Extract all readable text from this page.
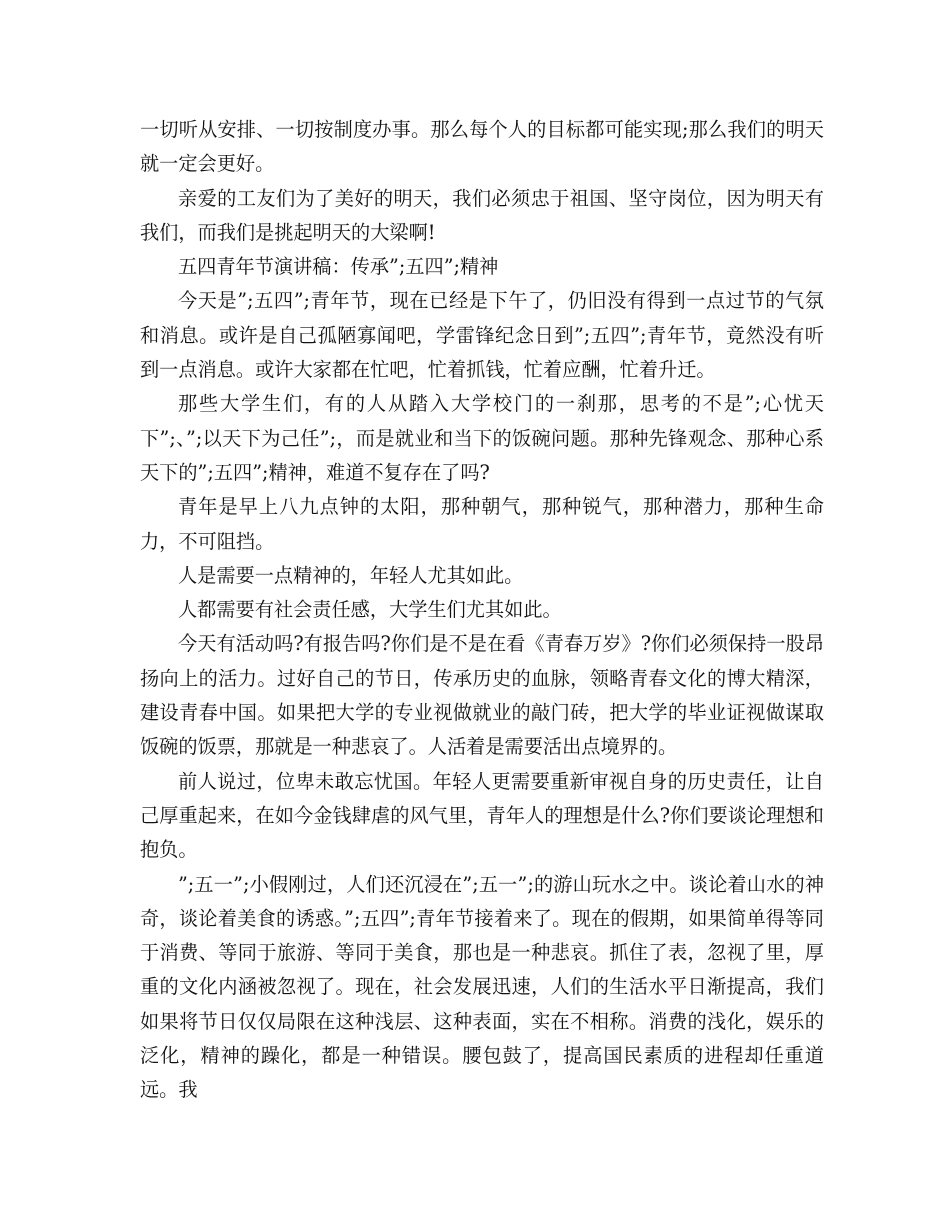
一切听从安排、一切按制度办事。那么每个人的目标都可能实现;那么我们的明天就一定会更好。

亲爱的工友们为了美好的明天，我们必须忠于祖国、坚守岗位，因为明天有我们，而我们是挑起明天的大梁啊!

五四青年节演讲稿：传承”;五四”;精神

今天是”;五四”;青年节，现在已经是下午了，仍旧没有得到一点过节的气氛和消息。或许是自己孤陋寡闻吧，学雷锋纪念日到”;五四”;青年节，竟然没有听到一点消息。或许大家都在忙吧，忙着抓钱，忙着应酬，忙着升迁。

那些大学生们，有的人从踏入大学校门的一刹那，思考的不是”;心忧天下”;、”;以天下为己任”;，而是就业和当下的饭碗问题。那种先锋观念、那种心系天下的”;五四”;精神，难道不复存在了吗?

青年是早上八九点钟的太阳，那种朝气，那种锐气，那种潜力，那种生命力，不可阻挡。

人是需要一点精神的，年轻人尤其如此。

人都需要有社会责任感，大学生们尤其如此。

今天有活动吗?有报告吗?你们是不是在看《青春万岁》?你们必须保持一股昂扬向上的活力。过好自己的节日，传承历史的血脉，领略青春文化的博大精深，建设青春中国。如果把大学的专业视做就业的敲门砖，把大学的毕业证视做谋取饭碗的饭票，那就是一种悲哀了。人活着是需要活出点境界的。

前人说过，位卑未敢忘忧国。年轻人更需要重新审视自身的历史责任，让自己厚重起来，在如今金钱肆虐的风气里，青年人的理想是什么?你们要谈论理想和抱负。

”;五一”;小假刚过，人们还沉浸在”;五一”;的游山玩水之中。谈论着山水的神奇，谈论着美食的诱惑。”;五四”;青年节接着来了。现在的假期，如果简单得等同于消费、等同于旅游、等同于美食，那也是一种悲哀。抓住了表，忽视了里，厚重的文化内涵被忽视了。现在，社会发展迅速，人们的生活水平日渐提高，我们如果将节日仅仅局限在这种浅层、这种表面，实在不相称。消费的浅化，娱乐的泛化，精神的躁化，都是一种错误。腰包鼓了，提高国民素质的进程却任重道远。我
